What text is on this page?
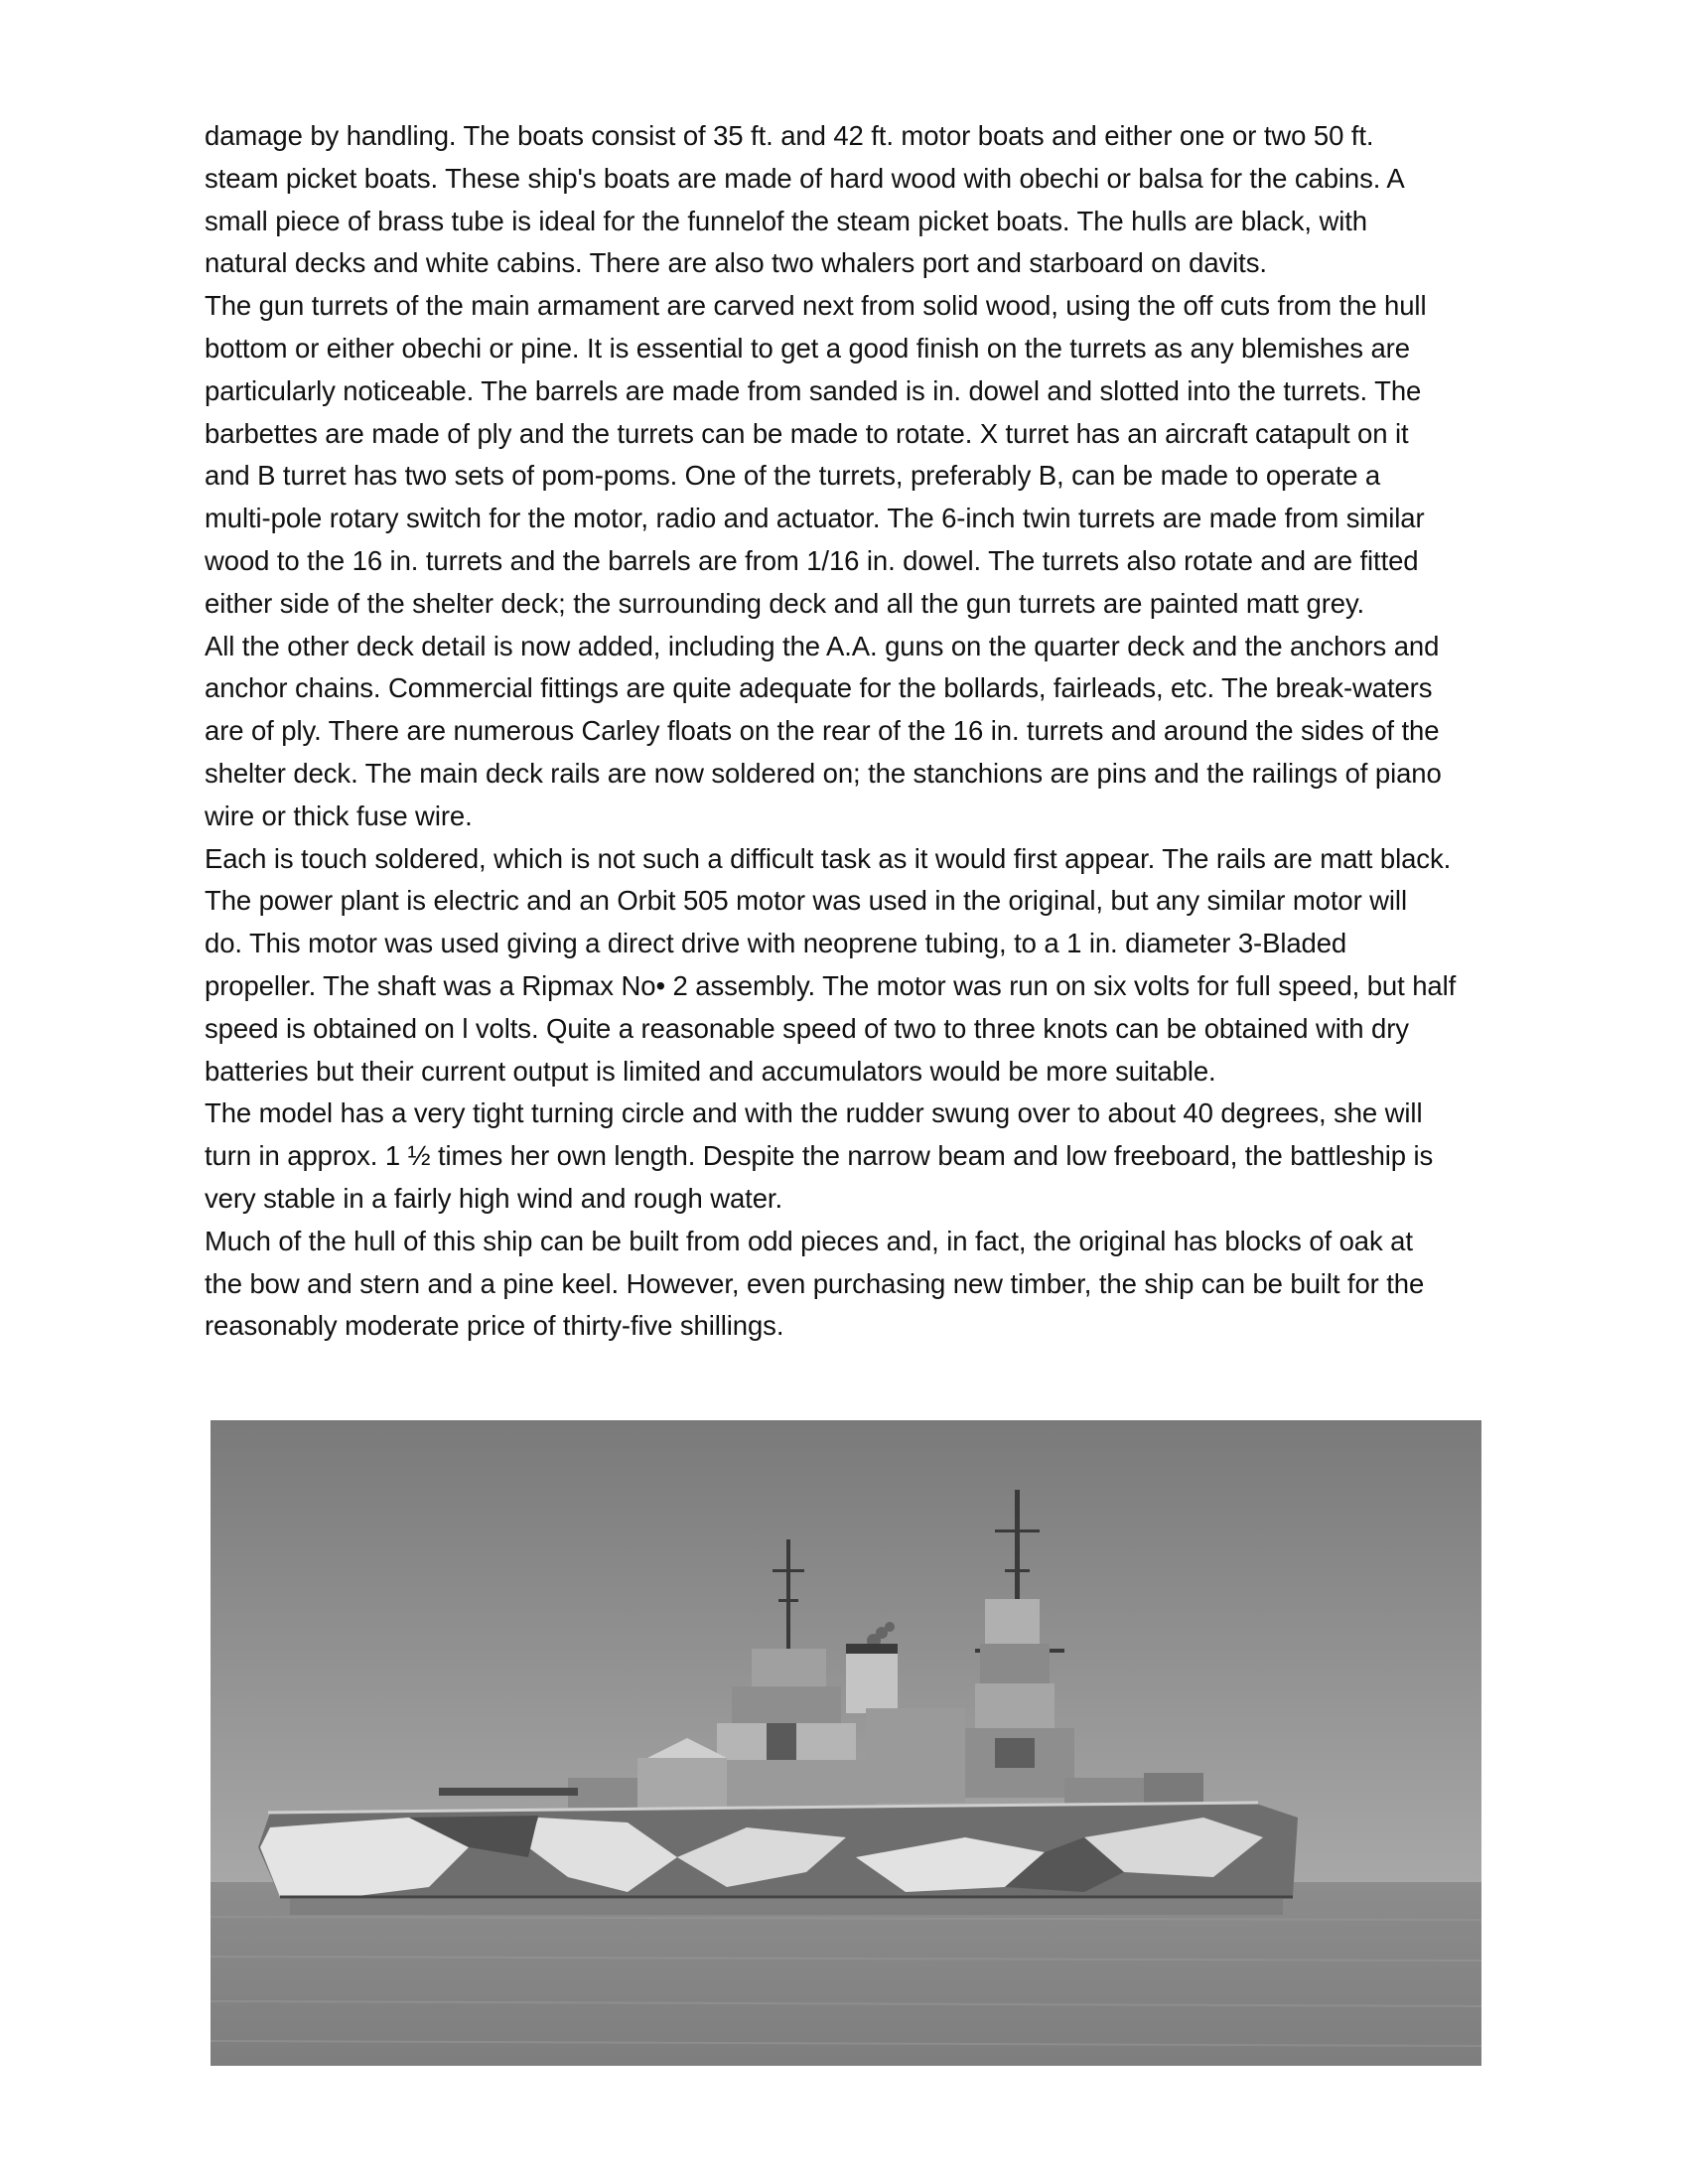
damage by handling. The boats consist of 35 ft. and 42 ft. motor boats and either one or two 50 ft.
steam picket boats. These ship's boats are made of hard wood with obechi or balsa for the cabins. A
small piece of brass tube is ideal for the funnelof the steam picket boats. The hulls are black, with
natural decks and white cabins. There are also two whalers port and starboard on davits.

The gun turrets of the main armament are carved next from solid wood, using the off cuts from the hull
bottom or either obechi or pine. It is essential to get a good finish on the turrets as any blemishes are
particularly noticeable. The barrels are made from sanded is in. dowel and slotted into the turrets. The
barbettes are made of ply and the turrets can be made to rotate. X turret has an aircraft catapult on it
and B turret has two sets of pom-poms. One of the turrets, preferably B, can be made to operate a
multi-pole rotary switch for the motor, radio and actuator. The 6-inch twin turrets are made from similar
wood to the 16 in. turrets and the barrels are from 1/16 in. dowel. The turrets also rotate and are fitted
either side of the shelter deck; the surrounding deck and all the gun turrets are painted matt grey.

All the other deck detail is now added, including the A.A. guns on the quarter deck and the anchors and
anchor chains. Commercial fittings are quite adequate for the bollards, fairleads, etc. The break-waters
are of ply. There are numerous Carley floats on the rear of the 16 in. turrets and around the sides of the
shelter deck. The main deck rails are now soldered on; the stanchions are pins and the railings of piano
wire or thick fuse wire.

Each is touch soldered, which is not such a difficult task as it would first appear. The rails are matt black.
The power plant is electric and an Orbit 505 motor was used in the original, but any similar motor will
do. This motor was used giving a direct drive with neoprene tubing, to a 1 in. diameter 3-Bladed
propeller. The shaft was a Ripmax No• 2 assembly. The motor was run on six volts for full speed, but half
speed is obtained on l volts. Quite a reasonable speed of two to three knots can be obtained with dry
batteries but their current output is limited and accumulators would be more suitable.

The model has a very tight turning circle and with the rudder swung over to about 40 degrees, she will
turn in approx. 1 ½ times her own length. Despite the narrow beam and low freeboard, the battleship is
very stable in a fairly high wind and rough water.

Much of the hull of this ship can be built from odd pieces and, in fact, the original has blocks of oak at
the bow and stern and a pine keel. However, even purchasing new timber, the ship can be built for the
reasonably moderate price of thirty-five shillings.
